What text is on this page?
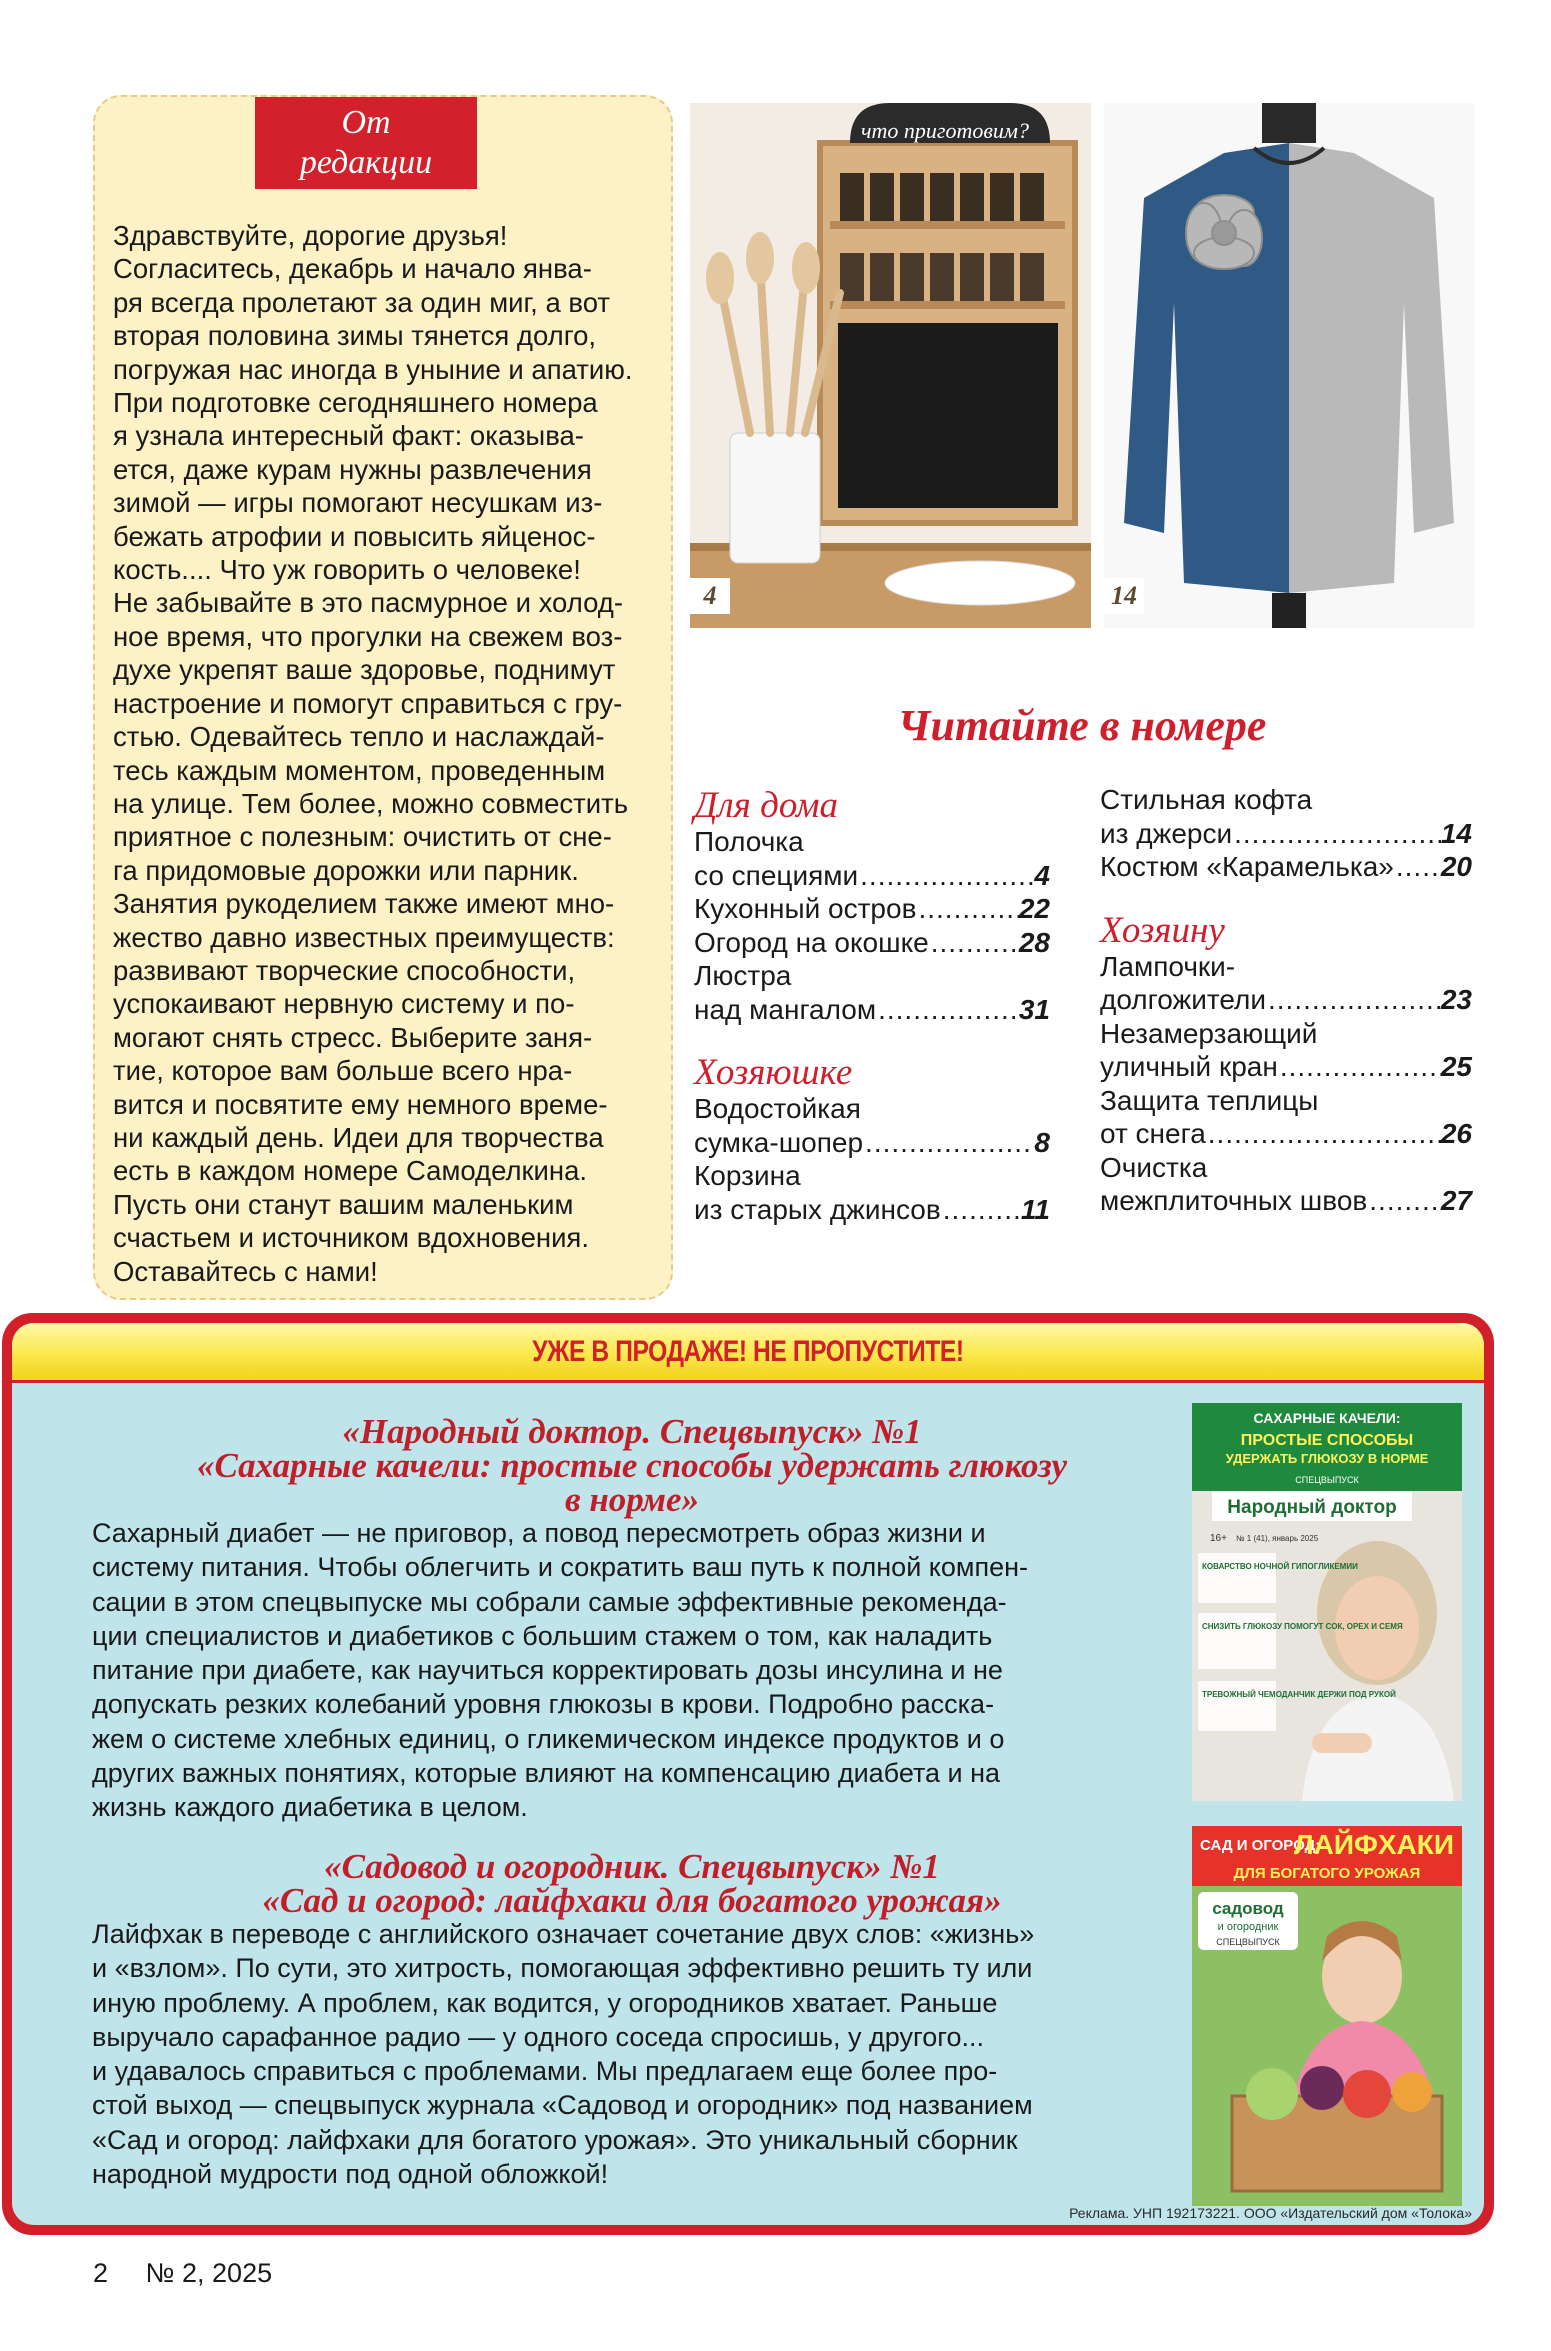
От
редакции

Здравствуйте, дорогие друзья!

Согласитесь, декабрь и начало янва-

ря всегда пролетают за один миг, а вот

вторая половина зимы тянется долго,

погружая нас иногда в уныние и апатию.

При подготовке сегодняшнего номера

я узнала интересный факт: оказыва-

ется, даже курам нужны развлечения

зимой — игры помогают несушкам из-

бежать атрофии и повысить яйценос-

кость.... Что уж говорить о человеке!

Не забывайте в это пасмурное и холод-

ное время, что прогулки на свежем воз-

духе укрепят ваше здоровье, поднимут

настроение и помогут справиться с гру-

стью. Одевайтесь тепло и наслаждай-

тесь каждым моментом, проведенным

на улице. Тем более, можно совместить

приятное с полезным: очистить от сне-

га придомовые дорожки или парник.

Занятия рукоделием также имеют мно-

жество давно известных преимуществ:

развивают творческие способности,

успокаивают нервную систему и по-

могают снять стресс. Выберите заня-

тие, которое вам больше всего нра-

вится и посвятите ему немного време-

ни каждый день. Идеи для творчества

есть в каждом номере Самоделкина.

Пусть они станут вашим маленьким

счастьем и источником вдохновения.

Оставайтесь с нами!

что приготовим?
4	14
Читайте в номере
Для дома
Полочка
со специями .....	4
Кухонный остров .....	22
Огород на окошке .....	28
Люстра
над мангалом .....	31
Хозяюшке
Водостойкая
сумка-шопер .....	8
Корзина
из старых джинсов .....	11
Стильная кофта
из джерси .....	14
Костюм «Карамелька» ..... 20
Хозяину
Лампочки-
долгожители .....	23
Незамерзающий
уличный кран .....	25
Защита теплицы
от снега .....	26
Очистка
межплиточных швов .....	27
УЖЕ В ПРОДАЖЕ! НЕ ПРОПУСТИТЕ!
«Народный доктор. Спецвыпуск» №1
«Сахарные качели: простые способы удержать глюкозу
в норме»

Сахарный диабет — не приговор, а повод пересмотреть образ жизни и

систему питания. Чтобы облегчить и сократить ваш путь к полной компен-

сации в этом спецвыпуске мы собрали самые эффективные рекоменда-

ции специалистов и диабетиков с большим стажем о том, как наладить

питание при диабете, как научиться корректировать дозы инсулина и не

допускать резких колебаний уровня глюкозы в крови. Подробно расска-

жем о системе хлебных единиц, о гликемическом индексе продуктов и о

других важных понятиях, которые влияют на компенсацию диабета и на

жизнь каждого диабетика в целом.

«Садовод и огородник. Спецвыпуск» №1
«Сад и огород: лайфхаки для богатого урожая»

Лайфхак в переводе с английского означает сочетание двух слов: «жизнь»

и «взлом». По сути, это хитрость, помогающая эффективно решить ту или

иную проблему. А проблем, как водится, у огородников хватает. Раньше

выручало сарафанное радио — у одного соседа спросишь, у другого...

и удавалось справиться с проблемами. Мы предлагаем еще более про-

стой выход — спецвыпуск журнала «Садовод и огородник» под названием

«Сад и огород: лайфхаки для богатого урожая». Это уникальный сборник

народной мудрости под одной обложкой!

САХАРНЫЕ КАЧЕЛИ:
ПРОСТЫЕ СПОСОБЫ
УДЕРЖАТЬ ГЛЮКОЗУ В НОРМЕ
СПЕЦВЫПУСК
Народный доктор
16+ № 1 (41), январь 2025
КОВАРСТВО НОЧНОЙ ГИПОГЛИКЕМИИ
СНИЗИТЬ ГЛЮКОЗУ ПОМОГУТ СОК, ОРЕХ И СЕМЯ
ТРЕВОЖНЫЙ ЧЕМОДАНЧИК ДЕРЖИ ПОД РУКОЙ
САД И ОГОРОД:
ЛАЙФХАКИ
ДЛЯ БОГАТОГО УРОЖАЯ
садовод
и огородник
СПЕЦВЫПУСК
Реклама. УНП 192173221. ООО «Издательский дом «Толока»
2 № 2, 2025
